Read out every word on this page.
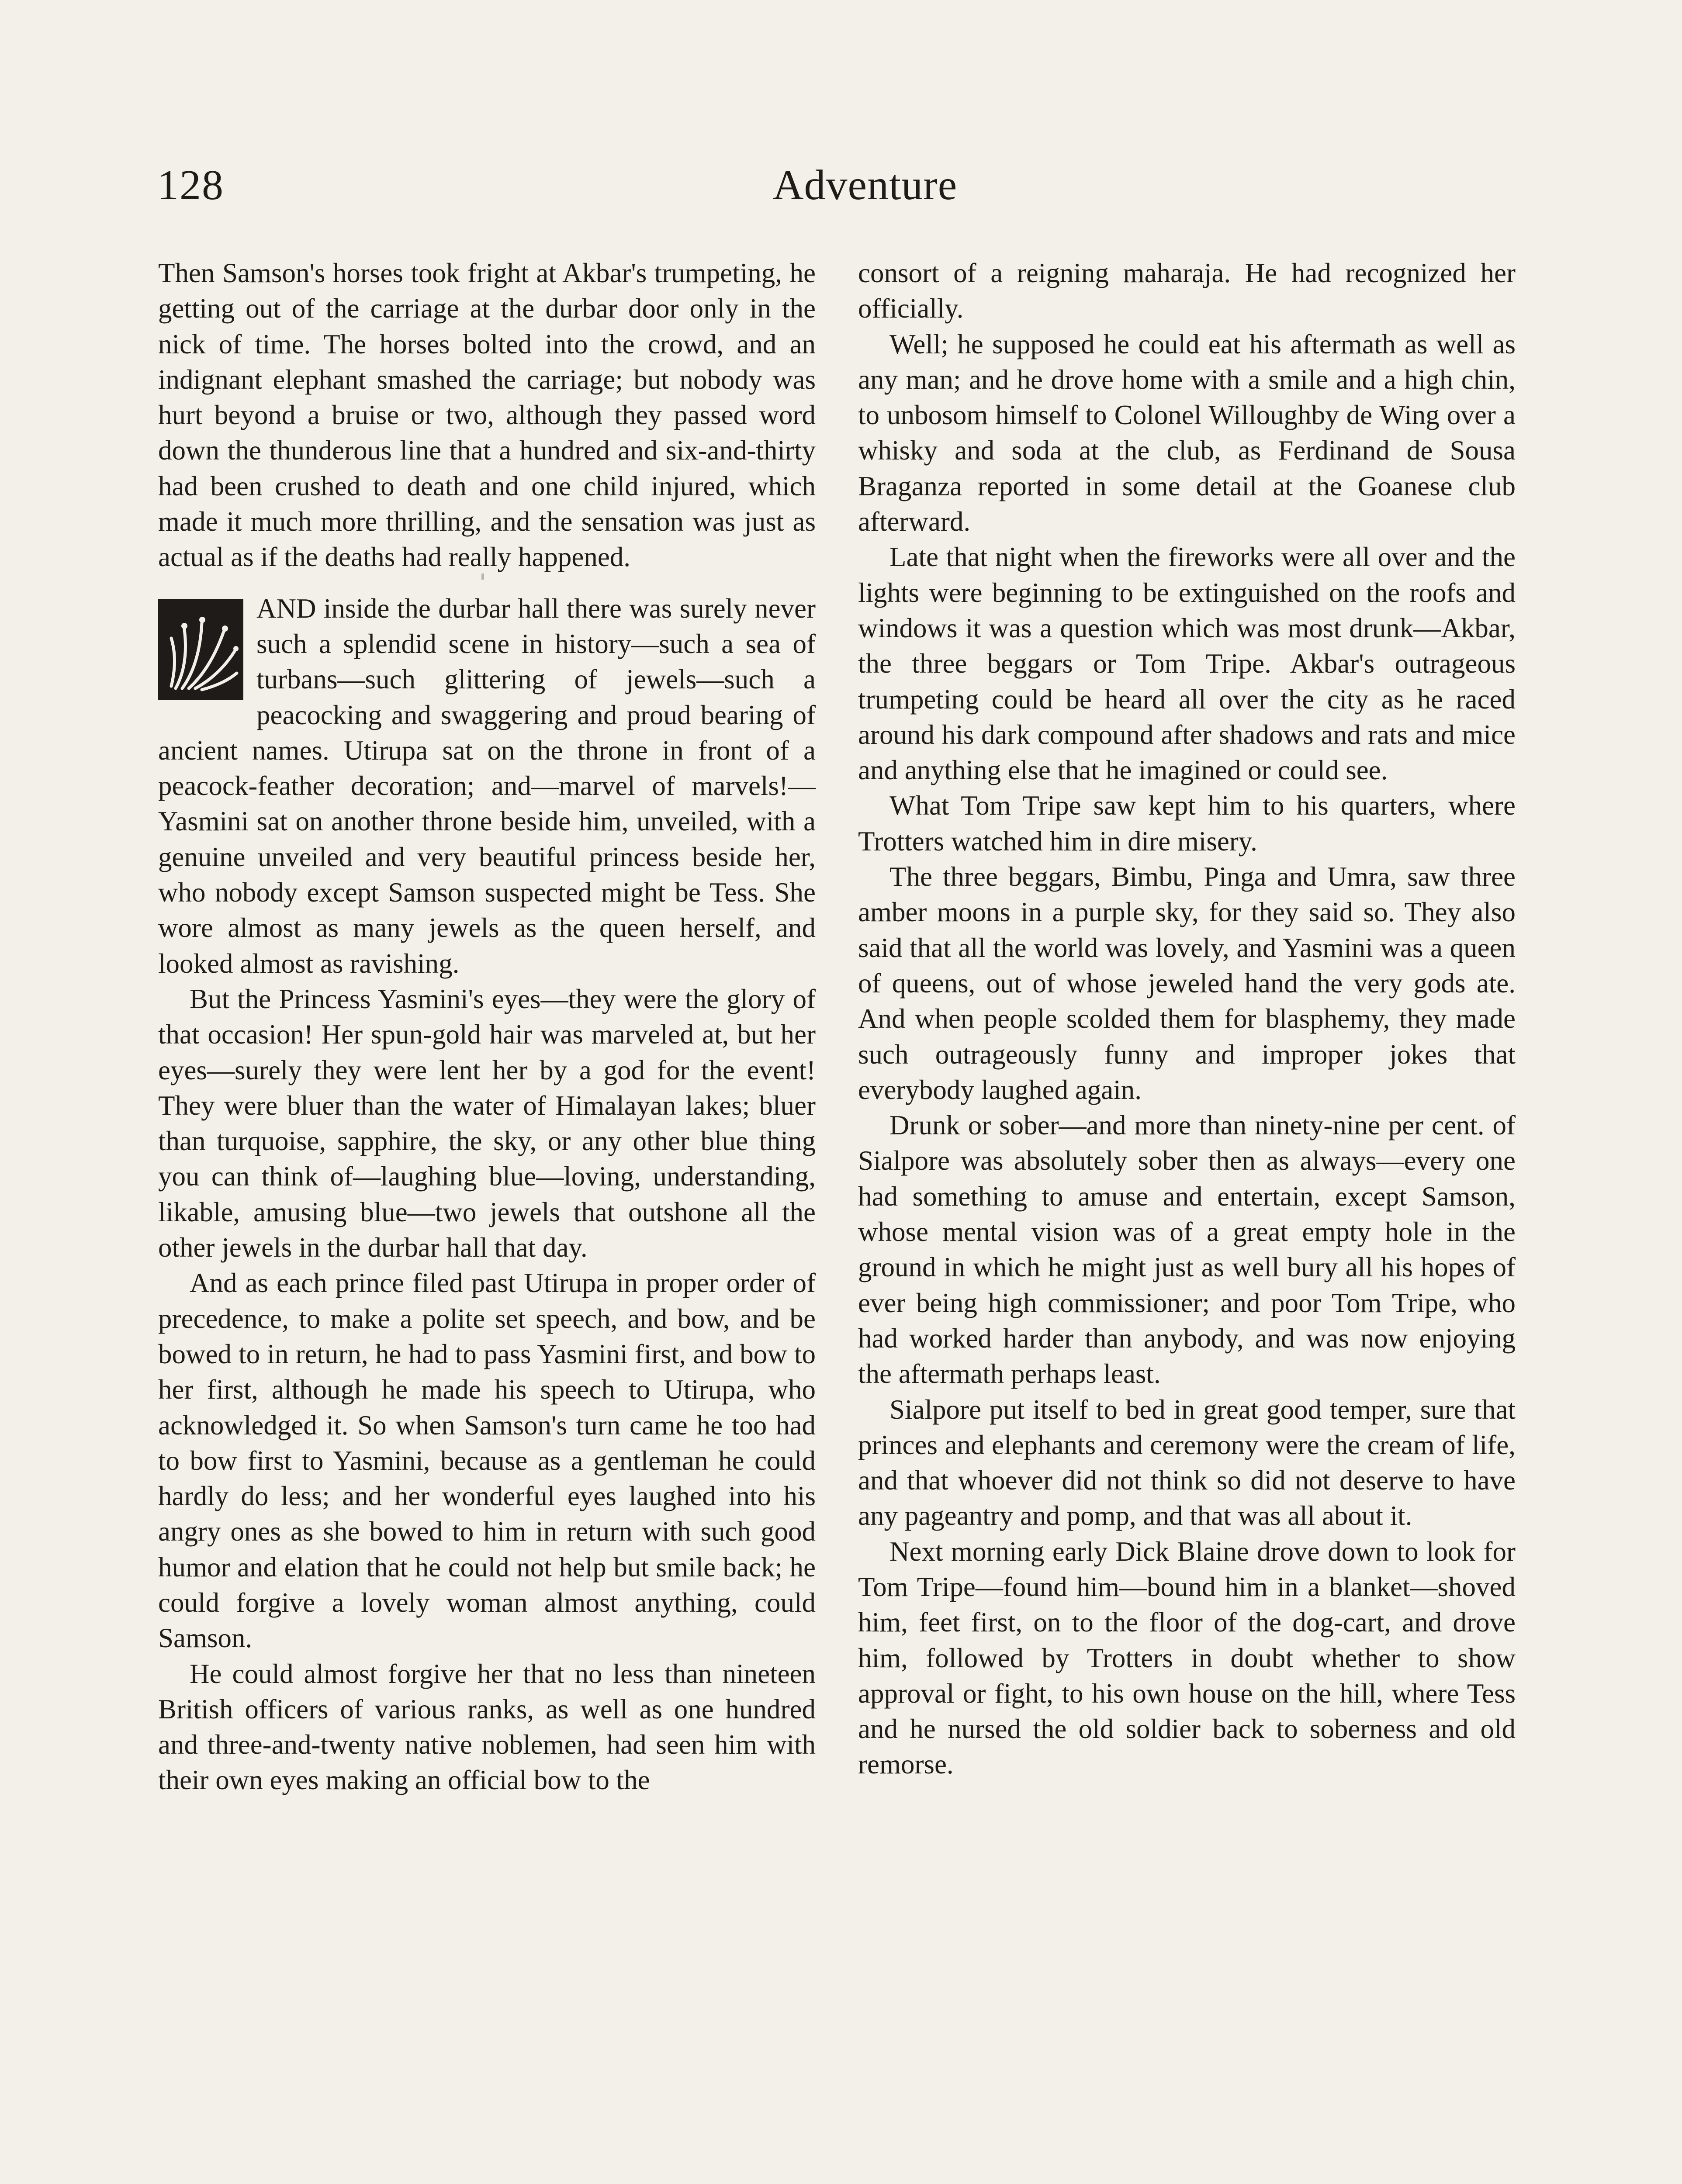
128	Adventure

Then Samson's horses took fright at Akbar's trumpeting, he getting out of the carriage at the durbar door only in the nick of time. The horses bolted into the crowd, and an indignant elephant smashed the carriage; but nobody was hurt beyond a bruise or two, although they passed word down the thunderous line that a hundred and six-and-thirty had been crushed to death and one child injured, which made it much more thrilling, and the sensation was just as actual as if the deaths had really happened.

AND inside the durbar hall there was surely never such a splendid scene in history—such a sea of turbans—such glittering of jewels—such a peacocking and swaggering and proud bearing of ancient names. Utirupa sat on the throne in front of a peacock-feather decoration; and—marvel of marvels!—Yasmini sat on another throne beside him, unveiled, with a genuine unveiled and very beautiful princess beside her, who nobody except Samson suspected might be Tess. She wore almost as many jewels as the queen herself, and looked almost as ravishing.

But the Princess Yasmini's eyes—they were the glory of that occasion! Her spun-gold hair was marveled at, but her eyes—surely they were lent her by a god for the event! They were bluer than the water of Himalayan lakes; bluer than turquoise, sapphire, the sky, or any other blue thing you can think of—laughing blue—loving, understanding, likable, amusing blue—two jewels that outshone all the other jewels in the durbar hall that day.

And as each prince filed past Utirupa in proper order of precedence, to make a polite set speech, and bow, and be bowed to in return, he had to pass Yasmini first, and bow to her first, although he made his speech to Utirupa, who acknowledged it. So when Samson's turn came he too had to bow first to Yasmini, because as a gentleman he could hardly do less; and her wonderful eyes laughed into his angry ones as she bowed to him in return with such good humor and elation that he could not help but smile back; he could forgive a lovely woman almost anything, could Samson.

He could almost forgive her that no less than nineteen British officers of various ranks, as well as one hundred and three-and-twenty native noblemen, had seen him with their own eyes making an official bow to the

consort of a reigning maharaja. He had recognized her officially.

Well; he supposed he could eat his aftermath as well as any man; and he drove home with a smile and a high chin, to unbosom himself to Colonel Willoughby de Wing over a whisky and soda at the club, as Ferdinand de Sousa Braganza reported in some detail at the Goanese club afterward.

Late that night when the fireworks were all over and the lights were beginning to be extinguished on the roofs and windows it was a question which was most drunk—Akbar, the three beggars or Tom Tripe. Akbar's outrageous trumpeting could be heard all over the city as he raced around his dark compound after shadows and rats and mice and anything else that he imagined or could see.

What Tom Tripe saw kept him to his quarters, where Trotters watched him in dire misery.

The three beggars, Bimbu, Pinga and Umra, saw three amber moons in a purple sky, for they said so. They also said that all the world was lovely, and Yasmini was a queen of queens, out of whose jeweled hand the very gods ate. And when people scolded them for blasphemy, they made such outrageously funny and improper jokes that everybody laughed again.

Drunk or sober—and more than ninety-nine per cent. of Sialpore was absolutely sober then as always—every one had something to amuse and entertain, except Samson, whose mental vision was of a great empty hole in the ground in which he might just as well bury all his hopes of ever being high commissioner; and poor Tom Tripe, who had worked harder than anybody, and was now enjoying the aftermath perhaps least.

Sialpore put itself to bed in great good temper, sure that princes and elephants and ceremony were the cream of life, and that whoever did not think so did not deserve to have any pageantry and pomp, and that was all about it.

Next morning early Dick Blaine drove down to look for Tom Tripe—found him—bound him in a blanket—shoved him, feet first, on to the floor of the dog-cart, and drove him, followed by Trotters in doubt whether to show approval or fight, to his own house on the hill, where Tess and he nursed the old soldier back to soberness and old remorse.
